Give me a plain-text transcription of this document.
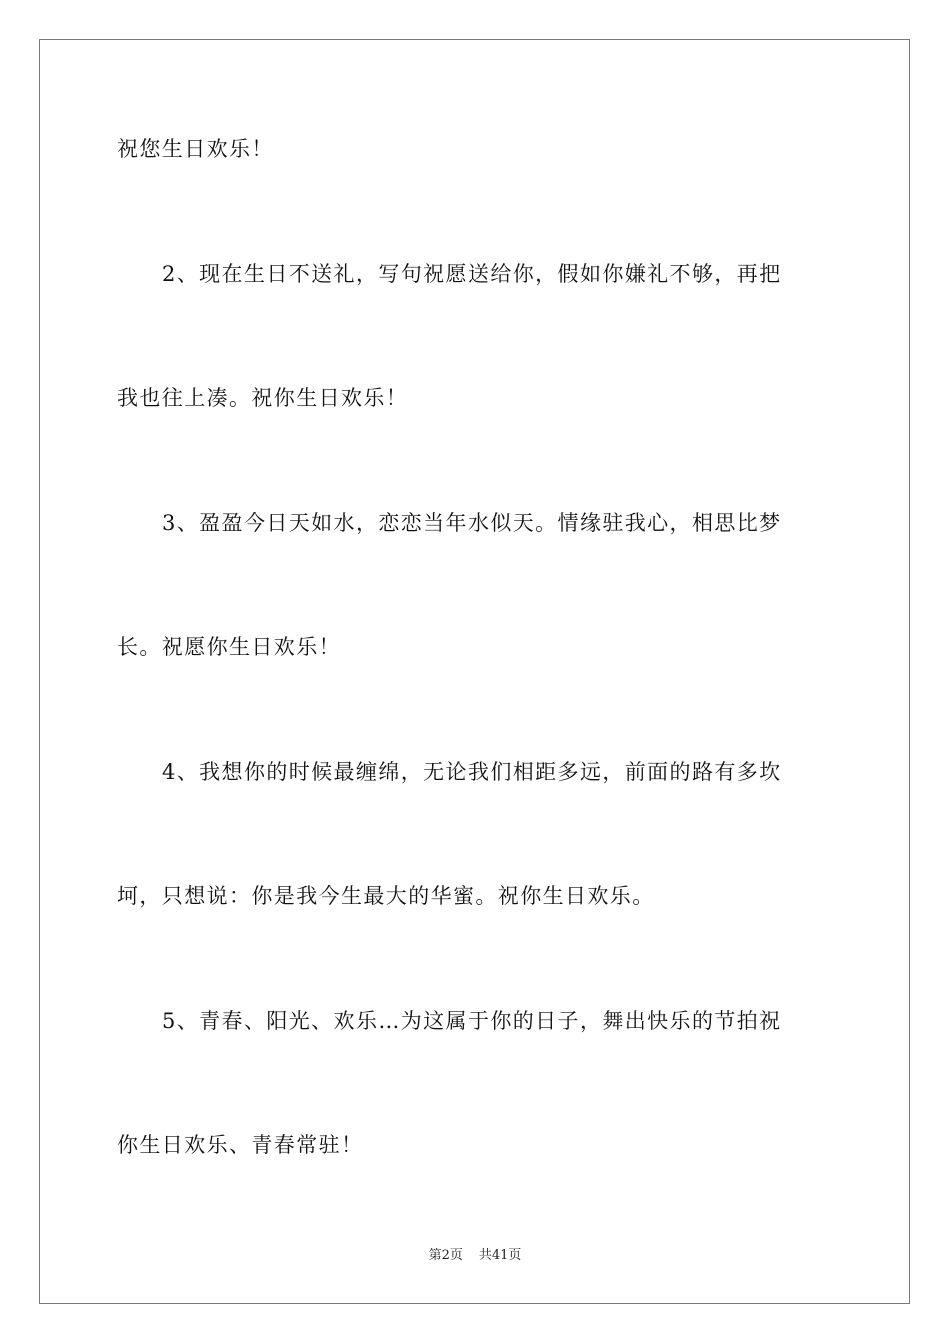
祝您生日欢乐！
2、现在生日不送礼，写句祝愿送给你，假如你嫌礼不够，再把
我也往上凑。祝你生日欢乐！
3、盈盈今日天如水，恋恋当年水似天。情缘驻我心，相思比梦
长。祝愿你生日欢乐！
4、我想你的时候最缠绵，无论我们相距多远，前面的路有多坎
坷，只想说：你是我今生最大的华蜜。祝你生日欢乐。
5、青春、阳光、欢乐…为这属于你的日子，舞出快乐的节拍祝
你生日欢乐、青春常驻！
第2页 共41页
